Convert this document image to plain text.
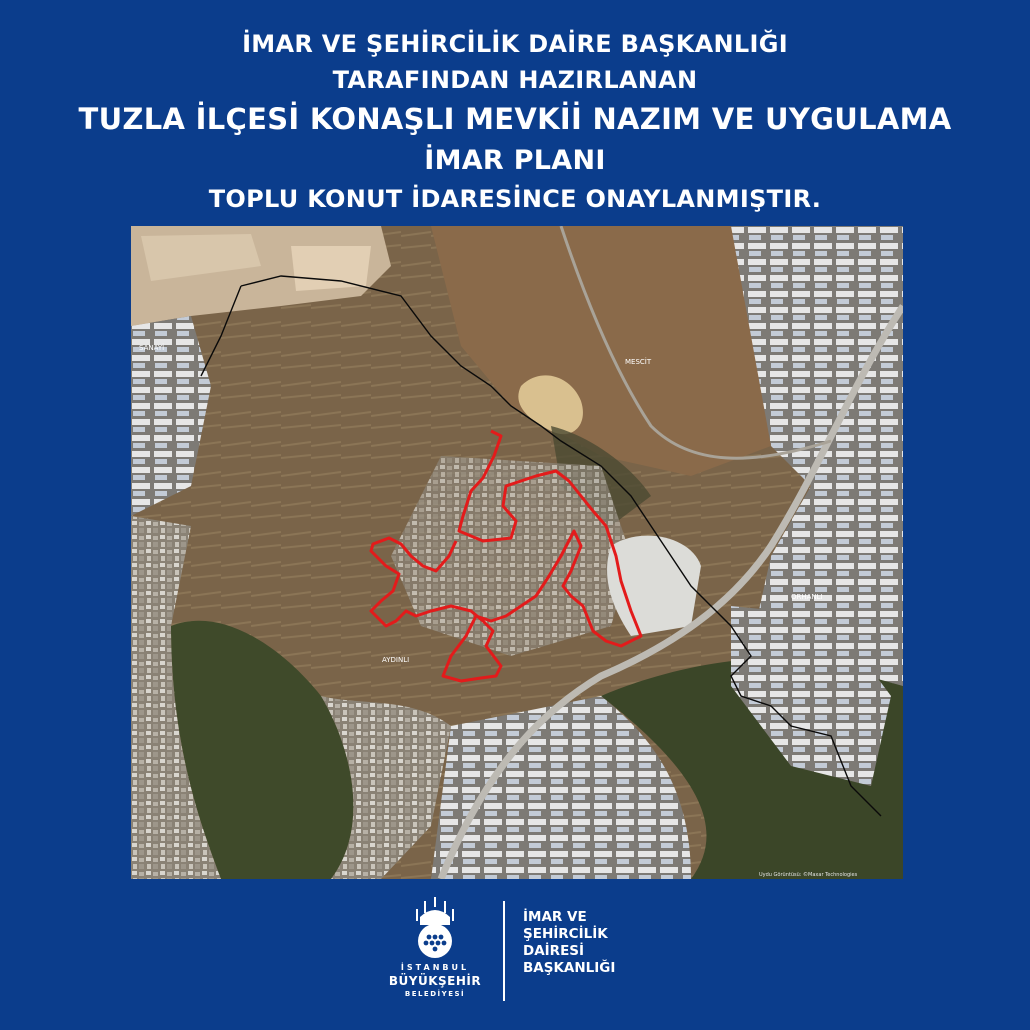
İMAR VE ŞEHİRCİLİK DAİRE BAŞKANLIĞI
TARAFINDAN HAZIRLANAN
TUZLA İLÇESİ KONAŞLI MEVKİİ NAZIM VE UYGULAMA
İMAR PLANI
TOPLU KONUT İDARESİNCE ONAYLANMIŞTIR.
SANAYİ
MESCİT
ORHANLI
AYDINLI
Uydu Görüntüsü: ©Maxar Technologies
İSTANBUL
BÜYÜKŞEHİR
BELEDİYESİ
İMAR VE
ŞEHİRCİLİK
DAİRESİ
BAŞKANLIĞI
